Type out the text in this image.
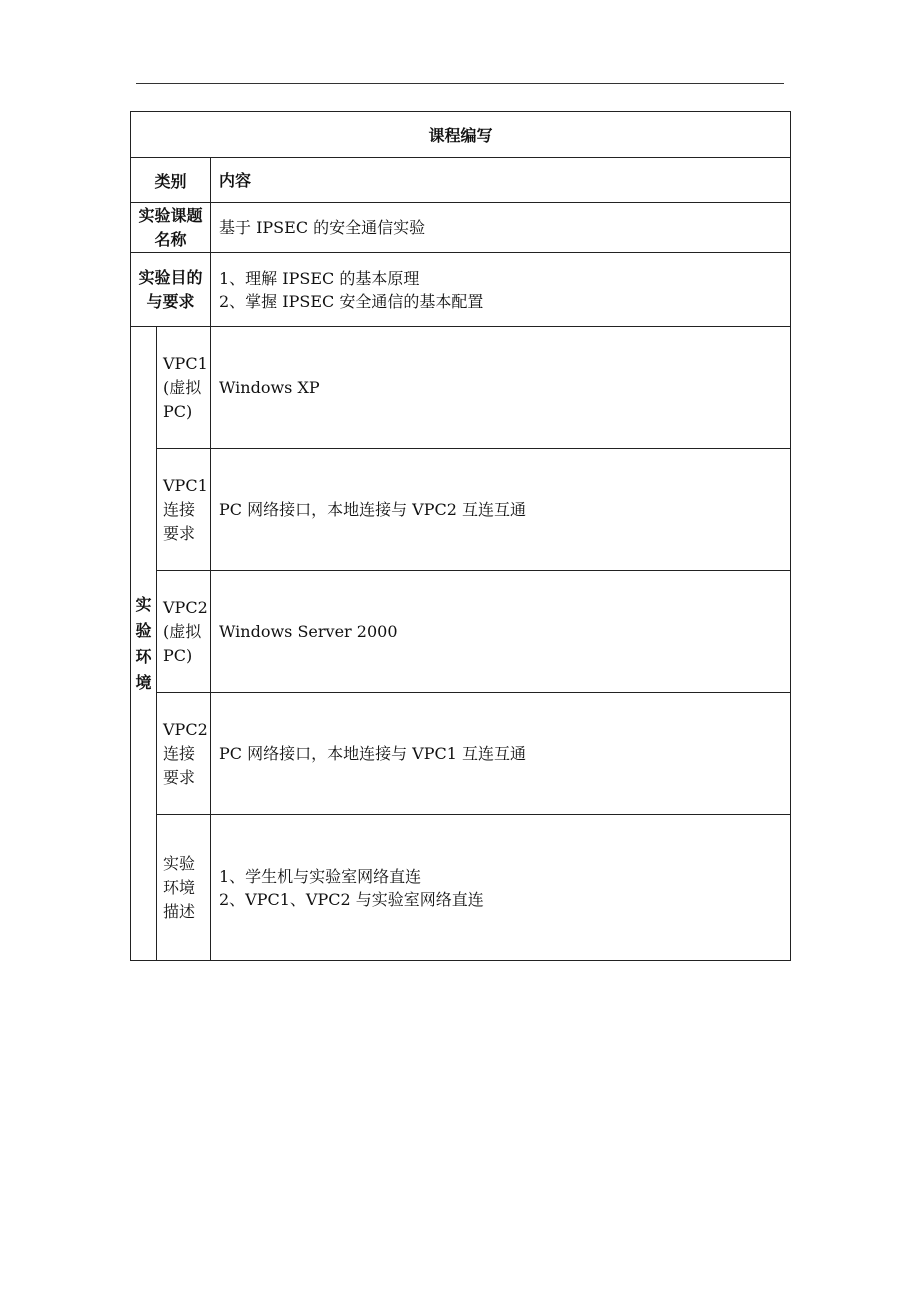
课程编写		
类别		内容
实验课题名称		基于 IPSEC 的安全通信实验
实验目的与要求		1、理解 IPSEC 的基本原理
2、掌握 IPSEC 安全通信的基本配置

实验环境	VPC1(虚拟PC)	Windows XP
	VPC1连接要求	PC 网络接口，本地连接与 VPC2 互连互通
	VPC2(虚拟PC)	Windows Server 2000
	VPC2连接要求	PC 网络接口，本地连接与 VPC1 互连互通
	实验环境描述	1、学生机与实验室网络直连
2、VPC1、VPC2 与实验室网络直连
